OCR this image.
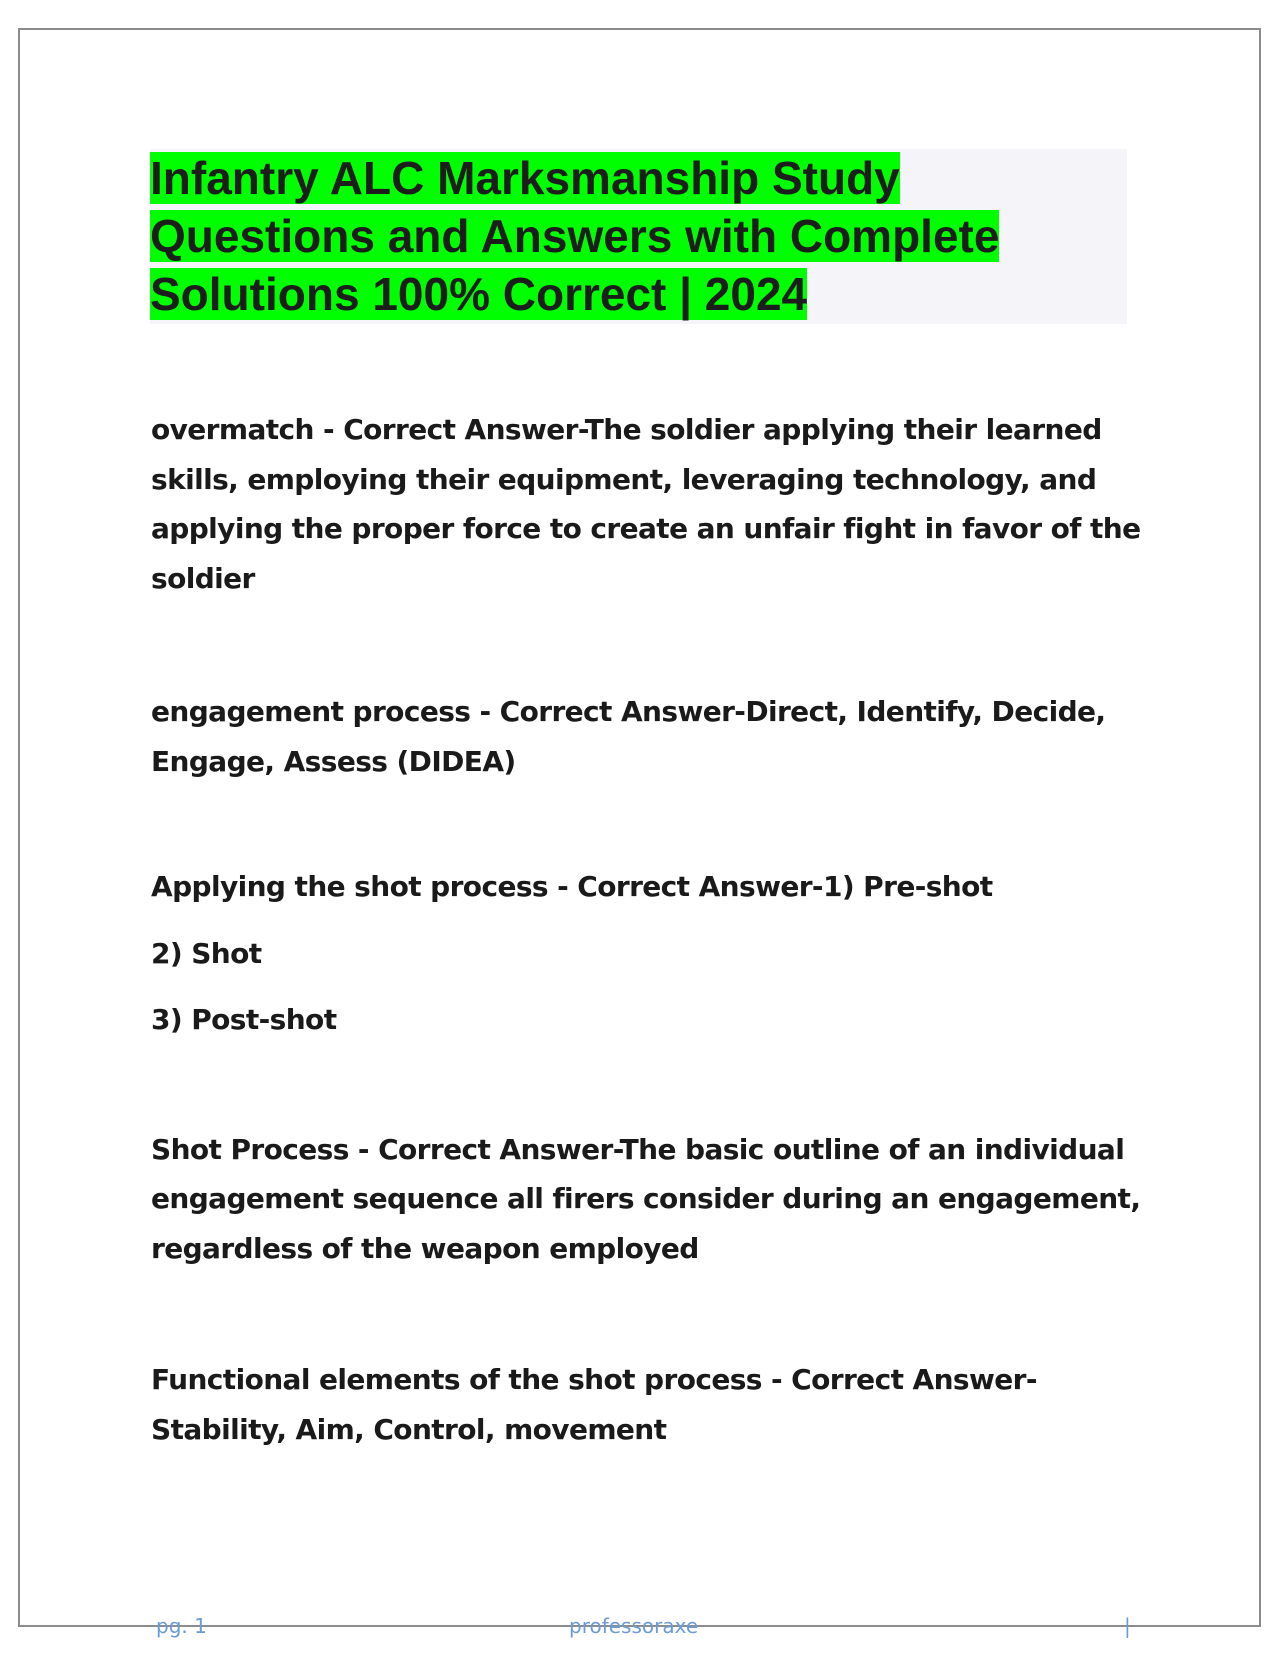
Infantry ALC Marksmanship Study
Questions and Answers with Complete
Solutions 100% Correct | 2024

overmatch - Correct Answer-The soldier applying their learned skills, employing their equipment, leveraging technology, and applying the proper force to create an unfair fight in favor of the soldier

engagement process - Correct Answer-Direct, Identify, Decide, Engage, Assess (DIDEA)

Applying the shot process - Correct Answer-1) Pre-shot

2) Shot

3) Post-shot

Shot Process - Correct Answer-The basic outline of an individual engagement sequence all firers consider during an engagement, regardless of the weapon employed

Functional elements of the shot process - Correct Answer-Stability, Aim, Control, movement

pg. 1	professoraxe	|
